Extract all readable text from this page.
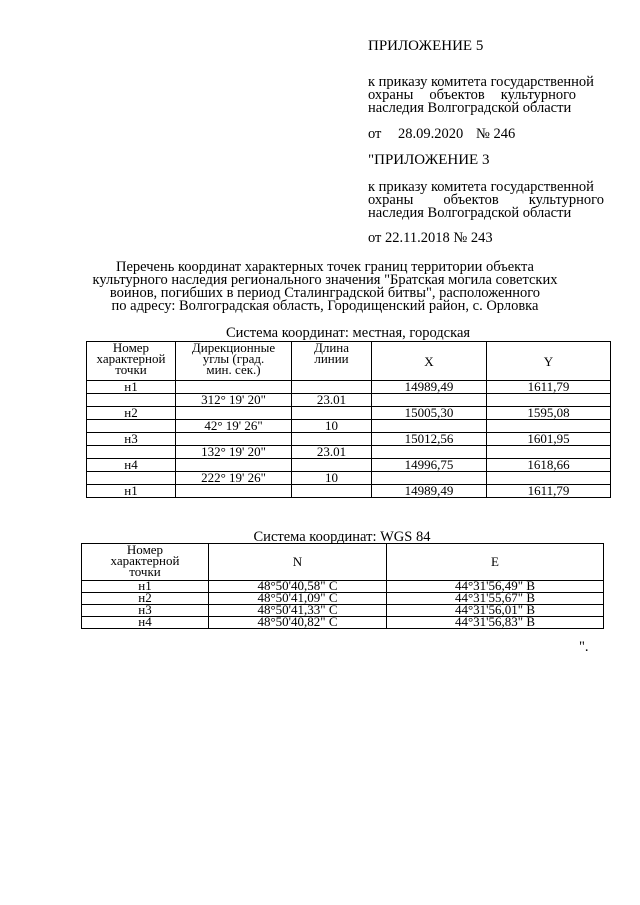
ПРИЛОЖЕНИЕ 5
к приказу комитета государственной
охраны объектов культурного
наследия Волгоградской области
от 28.09.2020 № 246
"ПРИЛОЖЕНИЕ 3
к приказу комитета государственной
охраны объектов культурного
наследия Волгоградской области
от 22.11.2018 № 243
Перечень координат характерных точек границ территории объекта
культурного наследия регионального значения "Братская могила советских
воинов, погибших в период Сталинградской битвы", расположенного
по адресу: Волгоградская область, Городищенский район, с. Орловка
Система координат: местная, городская
Номер
характерной
точки	Дирекционные
углы (град.
мин. сек.)	Длина
линии	X	Y
н1			14989,49	1611,79
	312° 19' 20"	23.01		
н2			15005,30	1595,08
	42° 19' 26"	10		
н3			15012,56	1601,95
	132° 19' 20"	23.01		
н4			14996,75	1618,66
	222° 19' 26"	10		
н1			14989,49	1611,79
Система координат: WGS 84
Номер
характерной
точки	N	E
н1	48°50'40,58" С	44°31'56,49" В
н2	48°50'41,09" С	44°31'55,67" В
н3	48°50'41,33" С	44°31'56,01" В
н4	48°50'40,82" С	44°31'56,83" В
".
